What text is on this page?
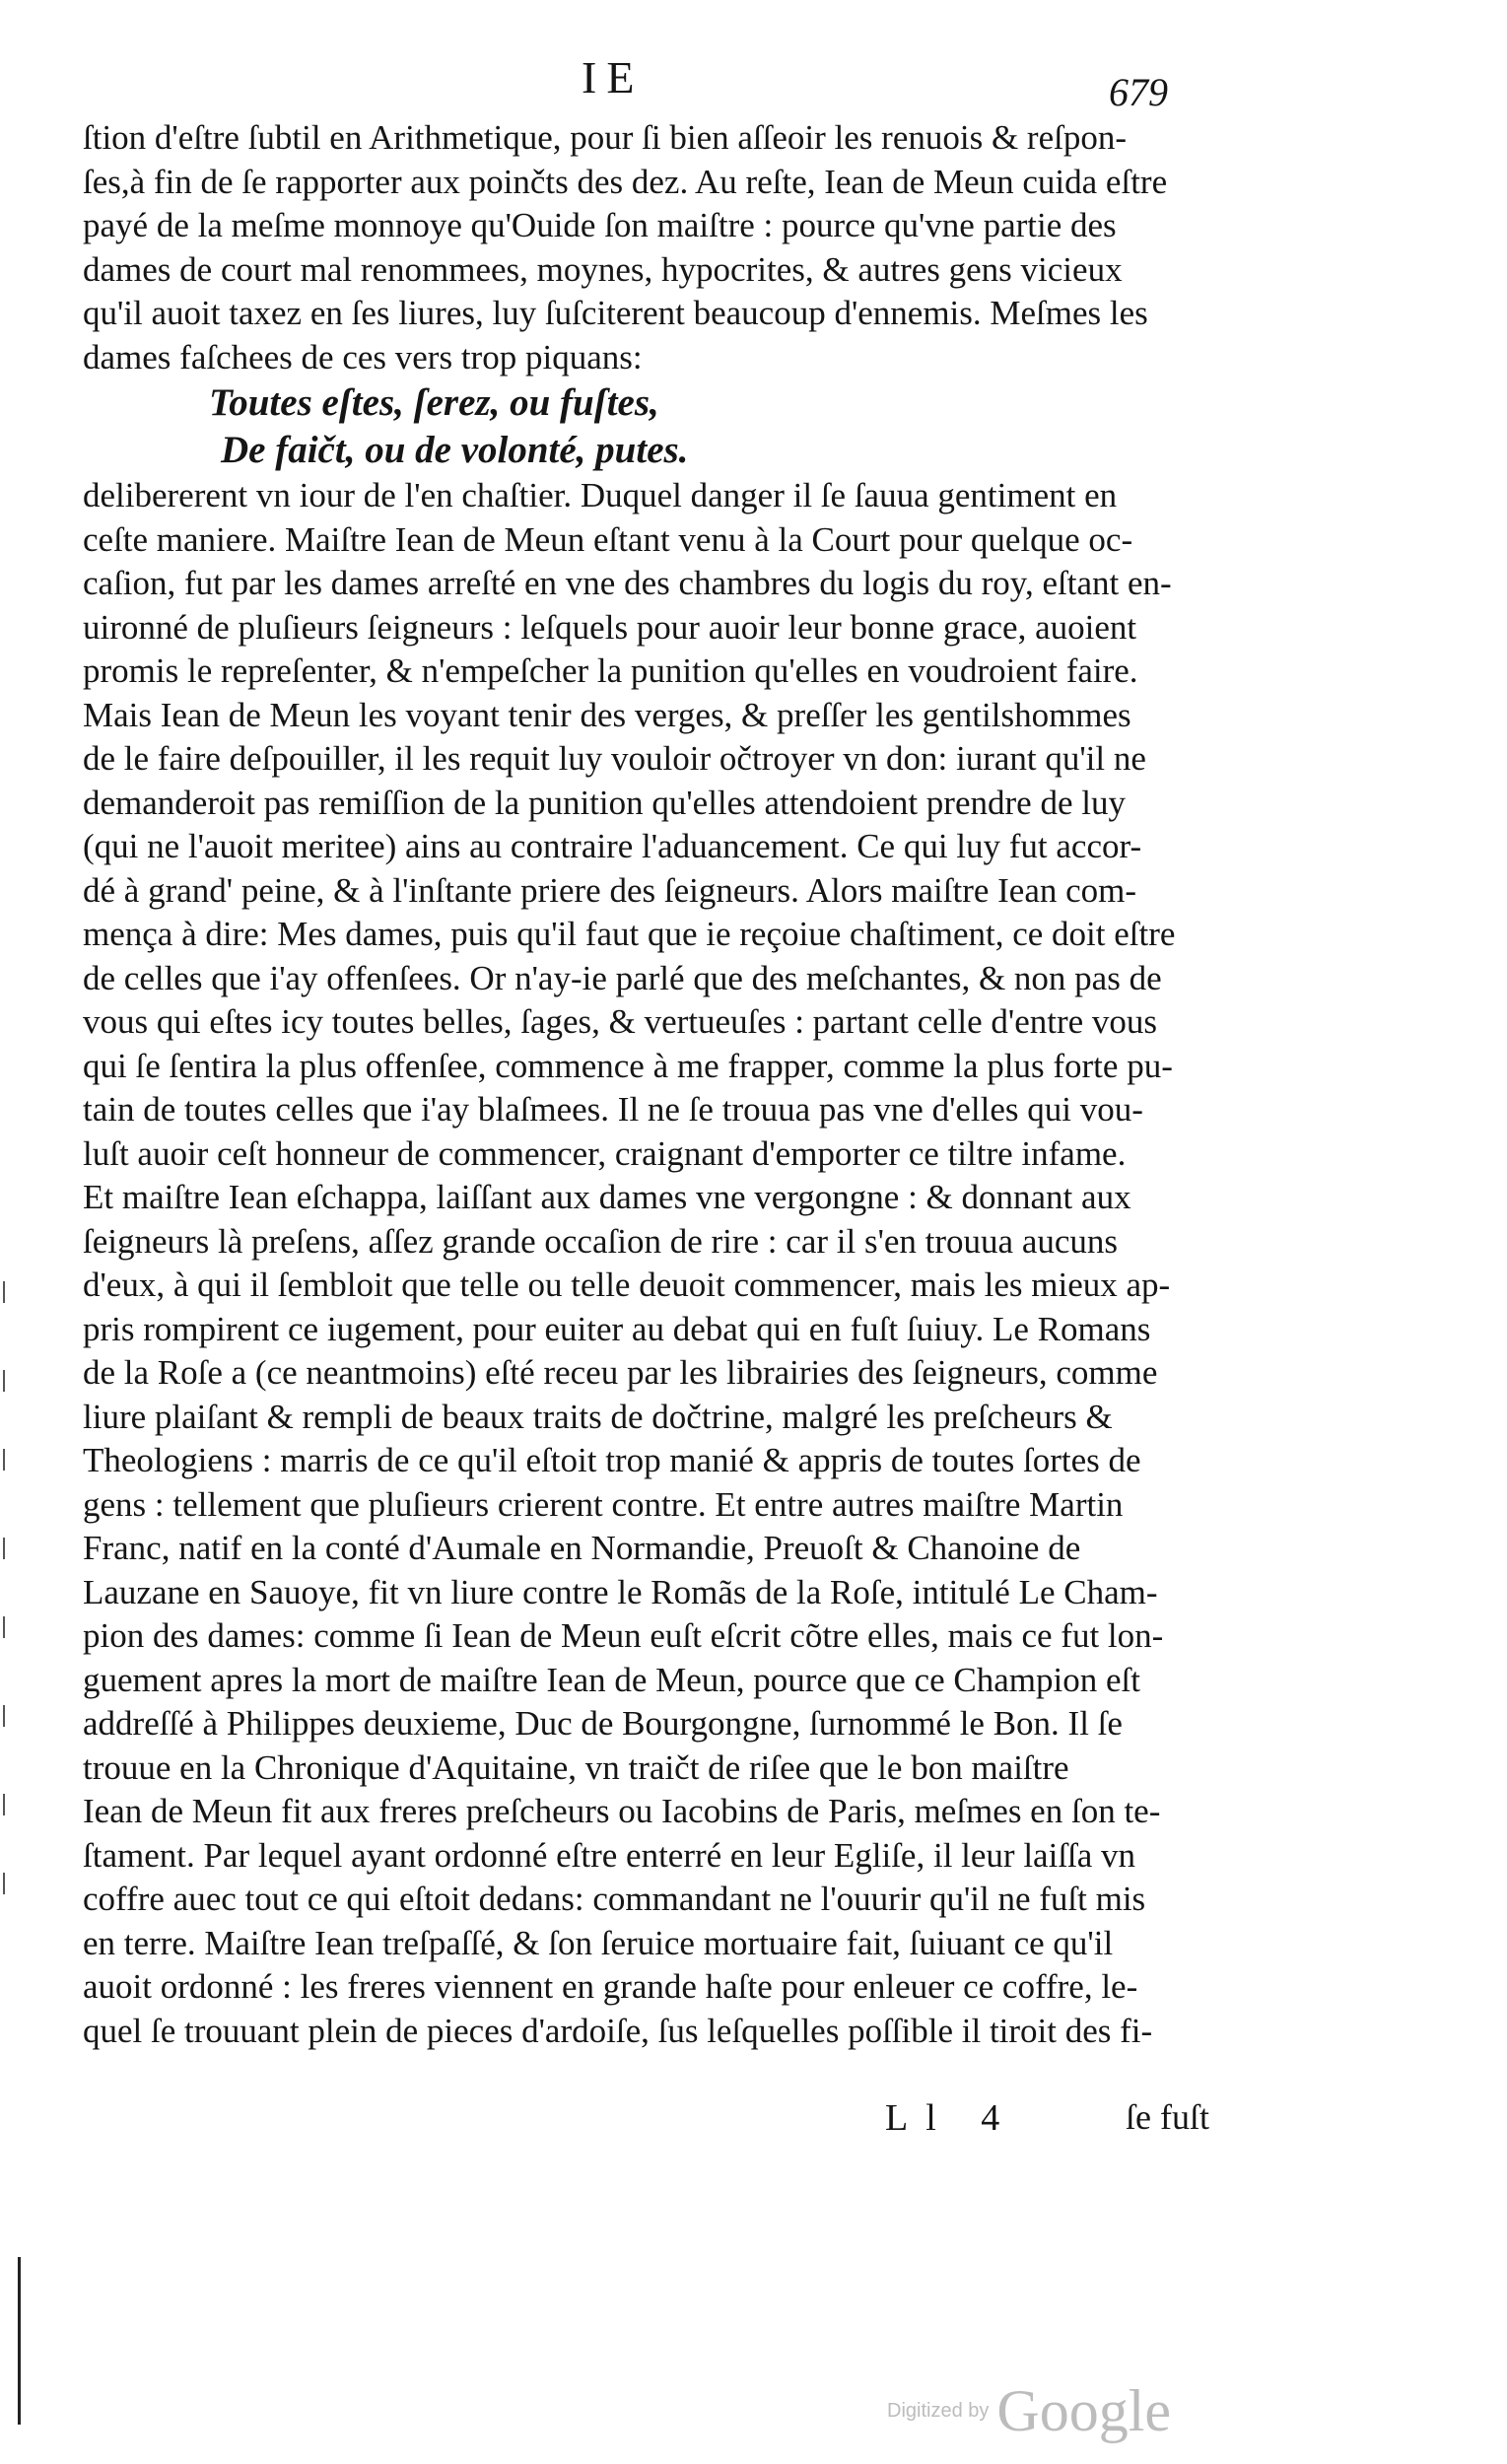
IE	679
ſtion d'eſtre ſubtil en Arithmetique, pour ſi bien aſſeoir les renuois & reſpon-
ſes,à fin de ſe rapporter aux poinčts des dez. Au reſte, Iean de Meun cuida eſtre
payé de la meſme monnoye qu'Ouide ſon maiſtre : pource qu'vne partie des
dames de court mal renommees, moynes, hypocrites, & autres gens vicieux
qu'il auoit taxez en ſes liures, luy ſuſciterent beaucoup d'ennemis. Meſmes les
dames faſchees de ces vers trop piquans:
Toutes eſtes, ſerez, ou fuſtes,
De faičt, ou de volonté, putes.
delibererent vn iour de l'en chaſtier. Duquel danger il ſe ſauua gentiment en
ceſte maniere. Maiſtre Iean de Meun eſtant venu à la Court pour quelque oc-
caſion, fut par les dames arreſté en vne des chambres du logis du roy, eſtant en-
uironné de pluſieurs ſeigneurs : leſquels pour auoir leur bonne grace, auoient
promis le repreſenter, & n'empeſcher la punition qu'elles en voudroient faire.
Mais Iean de Meun les voyant tenir des verges, & preſſer les gentilshommes
de le faire deſpouiller, il les requit luy vouloir očtroyer vn don: iurant qu'il ne
demanderoit pas remiſſion de la punition qu'elles attendoient prendre de luy
(qui ne l'auoit meritee) ains au contraire l'aduancement. Ce qui luy fut accor-
dé à grand' peine, & à l'inſtante priere des ſeigneurs. Alors maiſtre Iean com-
mença à dire: Mes dames, puis qu'il faut que ie reçoiue chaſtiment, ce doit eſtre
de celles que i'ay offenſees. Or n'ay-ie parlé que des meſchantes, & non pas de
vous qui eſtes icy toutes belles, ſages, & vertueuſes : partant celle d'entre vous
qui ſe ſentira la plus offenſee, commence à me frapper, comme la plus forte pu-
tain de toutes celles que i'ay blaſmees. Il ne ſe trouua pas vne d'elles qui vou-
luſt auoir ceſt honneur de commencer, craignant d'emporter ce tiltre infame.
Et maiſtre Iean eſchappa, laiſſant aux dames vne vergongne : & donnant aux
ſeigneurs là preſens, aſſez grande occaſion de rire : car il s'en trouua aucuns
d'eux, à qui il ſembloit que telle ou telle deuoit commencer, mais les mieux ap-
pris rompirent ce iugement, pour euiter au debat qui en fuſt ſuiuy. Le Romans
de la Roſe a (ce neantmoins) eſté receu par les librairies des ſeigneurs, comme
liure plaiſant & rempli de beaux traits de dočtrine, malgré les preſcheurs &
Theologiens : marris de ce qu'il eſtoit trop manié & appris de toutes ſortes de
gens : tellement que pluſieurs crierent contre. Et entre autres maiſtre Martin
Franc, natif en la conté d'Aumale en Normandie, Preuoſt & Chanoine de
Lauzane en Sauoye, fit vn liure contre le Romãs de la Roſe, intitulé Le Cham-
pion des dames: comme ſi Iean de Meun euſt eſcrit cõtre elles, mais ce fut lon-
guement apres la mort de maiſtre Iean de Meun, pource que ce Champion eſt
addreſſé à Philippes deuxieme, Duc de Bourgongne, ſurnommé le Bon. Il ſe
trouue en la Chronique d'Aquitaine, vn traičt de riſee que le bon maiſtre
Iean de Meun fit aux freres preſcheurs ou Iacobins de Paris, meſmes en ſon te-
ſtament. Par lequel ayant ordonné eſtre enterré en leur Egliſe, il leur laiſſa vn
coffre auec tout ce qui eſtoit dedans: commandant ne l'ouurir qu'il ne fuſt mis
en terre. Maiſtre Iean treſpaſſé, & ſon ſeruice mortuaire fait, ſuiuant ce qu'il
auoit ordonné : les freres viennent en grande haſte pour enleuer ce coffre, le-
quel ſe trouuant plein de pieces d'ardoiſe, ſus leſquelles poſſible il tiroit des fi-
Ll 4	ſe fuſt
Digitized by Google
